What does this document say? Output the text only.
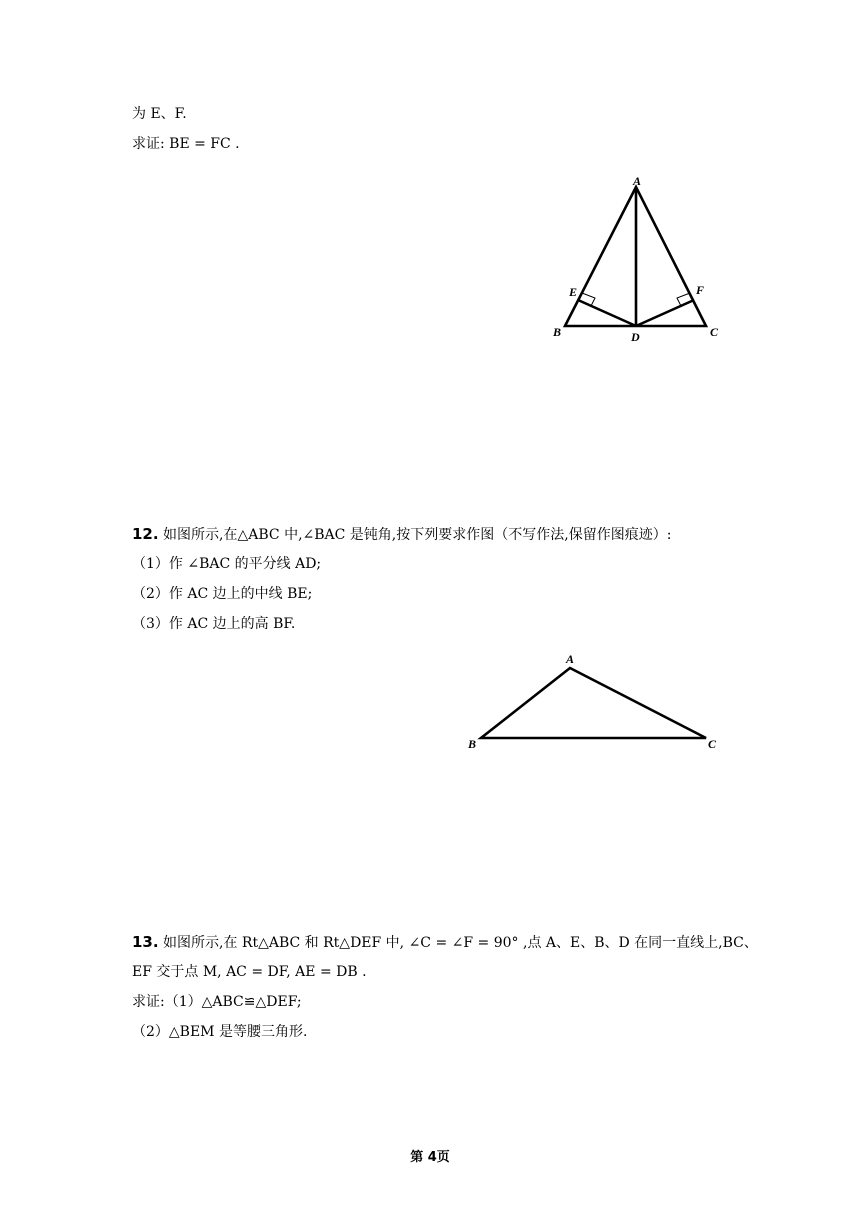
为 E、F.
求证: BE = FC .
A
B	C
D
E	F
12. 如图所示,在△ABC 中,∠BAC 是钝角,按下列要求作图（不写作法,保留作图痕迹）:
（1）作 ∠BAC 的平分线 AD;
（2）作 AC 边上的中线 BE;
（3）作 AC 边上的高 BF.
A
B	C
13. 如图所示,在 Rt△ABC 和 Rt△DEF 中, ∠C = ∠F = 90° ,点 A、E、B、D 在同一直线上,BC、
EF 交于点 M, AC = DF, AE = DB .
求证:（1）△ABC≌△DEF;
（2）△BEM 是等腰三角形.
第 4页
